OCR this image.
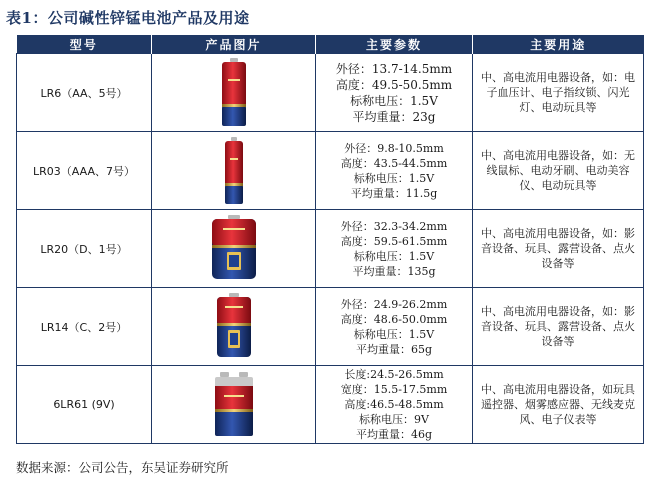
表1：公司碱性锌锰电池产品及用途
型号	产品图片	主要参数	主要用途
LR6（AA、5号）		外径：13.7-14.5mm
高度：49.5-50.5mm
标称电压：1.5V
平均重量：23g	中、高电流用电器设备，如：电子血压计、电子指纹锁、闪光灯、电动玩具等
LR03（AAA、7号）		外径：9.8-10.5mm
高度：43.5-44.5mm
标称电压：1.5V
平均重量：11.5g	中、高电流用电器设备，如：无线鼠标、电动牙刷、电动美容仪、电动玩具等
LR20（D、1号）		外径：32.3-34.2mm
高度：59.5-61.5mm
标称电压：1.5V
平均重量：135g	中、高电流用电器设备，如：影音设备、玩具、露营设备、点火设备等
LR14（C、2号）		外径：24.9-26.2mm
高度：48.6-50.0mm
标称电压：1.5V
平均重量：65g	中、高电流用电器设备，如：影音设备、玩具、露营设备、点火设备等
6LR61 (9V)		长度:24.5-26.5mm
宽度：15.5-17.5mm
高度:46.5-48.5mm
标称电压：9V
平均重量：46g	中、高电流用电器设备，如玩具遥控器、烟雾感应器、无线麦克风、电子仪表等
数据来源：公司公告，东吴证券研究所
